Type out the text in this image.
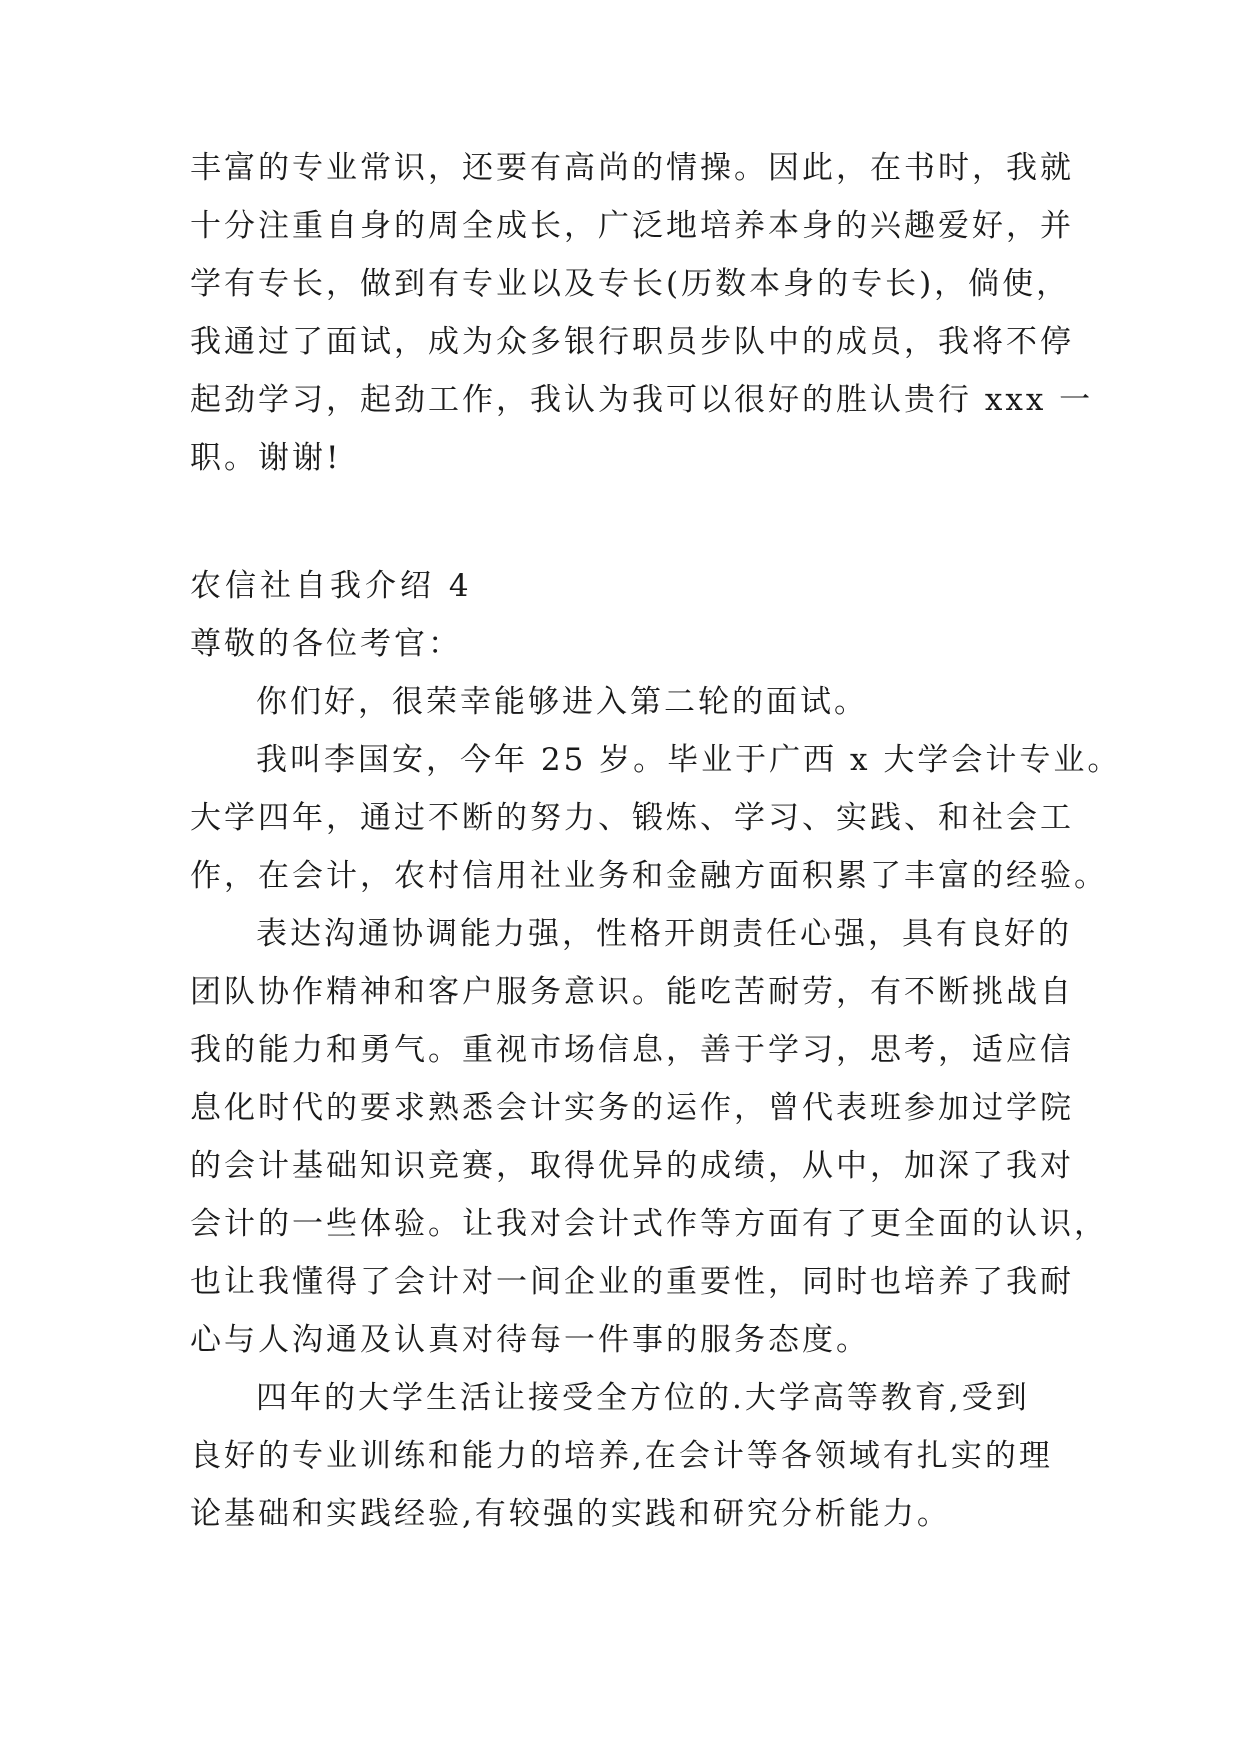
丰富的专业常识，还要有高尚的情操。因此，在书时，我就
十分注重自身的周全成长，广泛地培养本身的兴趣爱好，并
学有专长，做到有专业以及专长(历数本身的专长)，倘使，
我通过了面试，成为众多银行职员步队中的成员，我将不停
起劲学习，起劲工作，我认为我可以很好的胜认贵行 xxx 一
职。谢谢!
农信社自我介绍 4
尊敬的各位考官：
你们好，很荣幸能够进入第二轮的面试。
我叫李国安，今年 25 岁。毕业于广西 x 大学会计专业。
大学四年，通过不断的努力、锻炼、学习、实践、和社会工
作，在会计，农村信用社业务和金融方面积累了丰富的经验。
表达沟通协调能力强，性格开朗责任心强，具有良好的
团队协作精神和客户服务意识。能吃苦耐劳，有不断挑战自
我的能力和勇气。重视市场信息，善于学习，思考，适应信
息化时代的要求熟悉会计实务的运作，曾代表班参加过学院
的会计基础知识竞赛，取得优异的成绩，从中，加深了我对
会计的一些体验。让我对会计式作等方面有了更全面的认识，
也让我懂得了会计对一间企业的重要性，同时也培养了我耐
心与人沟通及认真对待每一件事的服务态度。
四年的大学生活让接受全方位的.大学高等教育,受到
良好的专业训练和能力的培养,在会计等各领域有扎实的理
论基础和实践经验,有较强的实践和研究分析能力。
